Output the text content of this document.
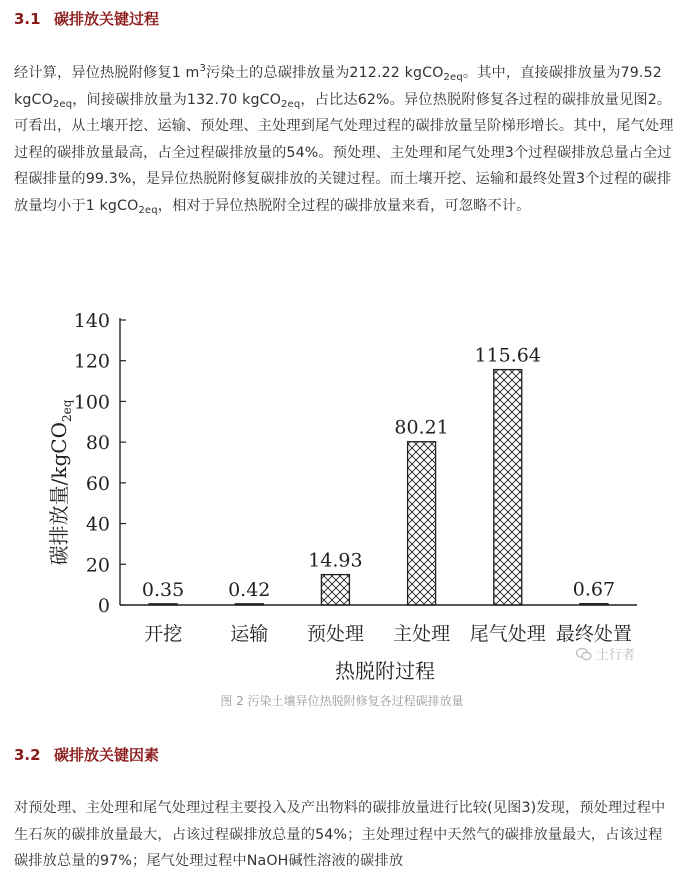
3.1 碳排放关键过程

经计算，异位热脱附修复1 $m^3$污染土的总碳排放量为212.22 kgCO$_{2eq}$。其中，直接碳排放量为79.52 kgCO$_{2eq}$，间接碳排放量为132.70 kgCO$_{2eq}$，占比达62%。异位热脱附修复各过程的碳排放量见图2。可看出，从土壤开挖、运输、预处理、主处理到尾气处理过程的碳排放量呈阶梯形增长。其中，尾气处理过程的碳排放量最高，占全过程碳排放量的54%。预处理、主处理和尾气处理3个过程碳排放总量占全过程碳排量的99.3%，是异位热脱附修复碳排放的关键过程。而土壤开挖、运输和最终处置3个过程的碳排放量均小于1 kgCO$_{2eq}$，相对于异位热脱附全过程的碳排放量来看，可忽略不计。

0
20
40
60
80
100
120
140
0.35
开挖
0.42
运输
14.93
预处理
80.21
主处理
115.64
尾气处理
0.67
最终处置
热脱附过程
碳排放量/kgCO$_{2eq}$
土行者
图 2 污染土壤异位热脱附修复各过程碳排放量
3.2 碳排放关键因素

对预处理、主处理和尾气处理过程主要投入及产出物料的碳排放量进行比较(见图3)发现，预处理过程中生石灰的碳排放量最大，占该过程碳排放总量的54%；主处理过程中天然气的碳排放量最大，占该过程碳排放总量的97%；尾气处理过程中NaOH碱性溶液的碳排放
